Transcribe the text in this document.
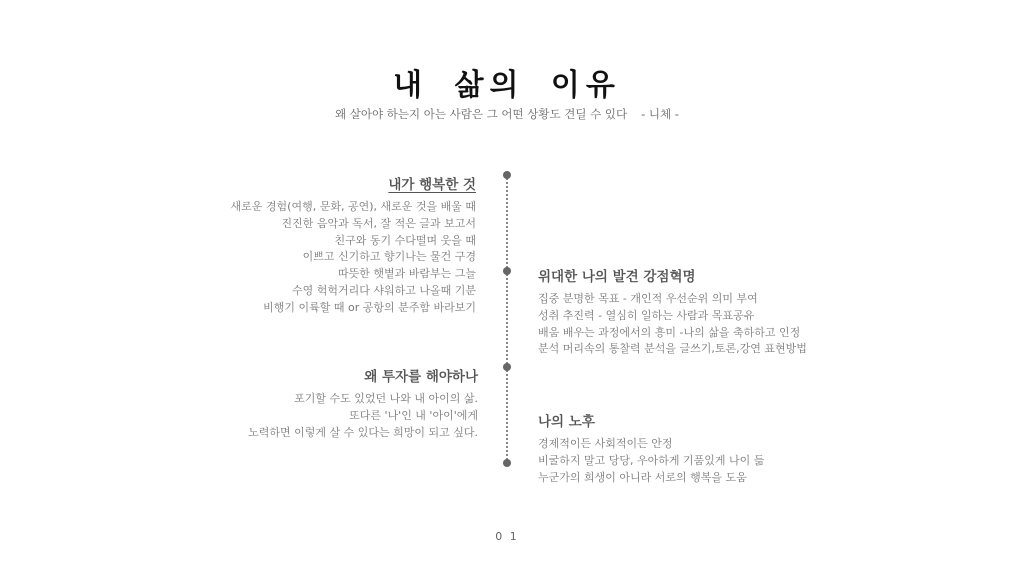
내 삶의 이유
왜 살아야 하는지 아는 사람은 그 어떤 상황도 견딜 수 있다 - 니체 -
내가 행복한 것
새로운 경험(여행, 문화, 공연), 새로운 것을 배울 때
진진한 음악과 독서, 잘 적은 글과 보고서
친구와 동기 수다떨며 웃을 때
이쁘고 신기하고 향기나는 물건 구경
따뜻한 햇볕과 바람부는 그늘
수영 헉헉거리다 샤워하고 나올때 기분
비행기 이륙할 때 or 공항의 분주함 바라보기
위대한 나의 발견 강점혁명
집중 분명한 목표 - 개인적 우선순위 의미 부여
성취 추진력 - 열심히 일하는 사람과 목표공유
배움 배우는 과정에서의 흥미 -나의 삶을 축하하고 인정
분석 머리속의 통찰력 분석을 글쓰기,토론,강연 표현방법
왜 투자를 해야하나
포기할 수도 있었던 나와 내 아이의 삶.
또다른 '나'인 내 '아이'에게
노력하면 이렇게 살 수 있다는 희망이 되고 싶다.
나의 노후
경제적이든 사회적이든 안정
비굴하지 말고 당당, 우아하게 기품있게 나이 듦
누군가의 희생이 아니라 서로의 행복을 도움
0 1
